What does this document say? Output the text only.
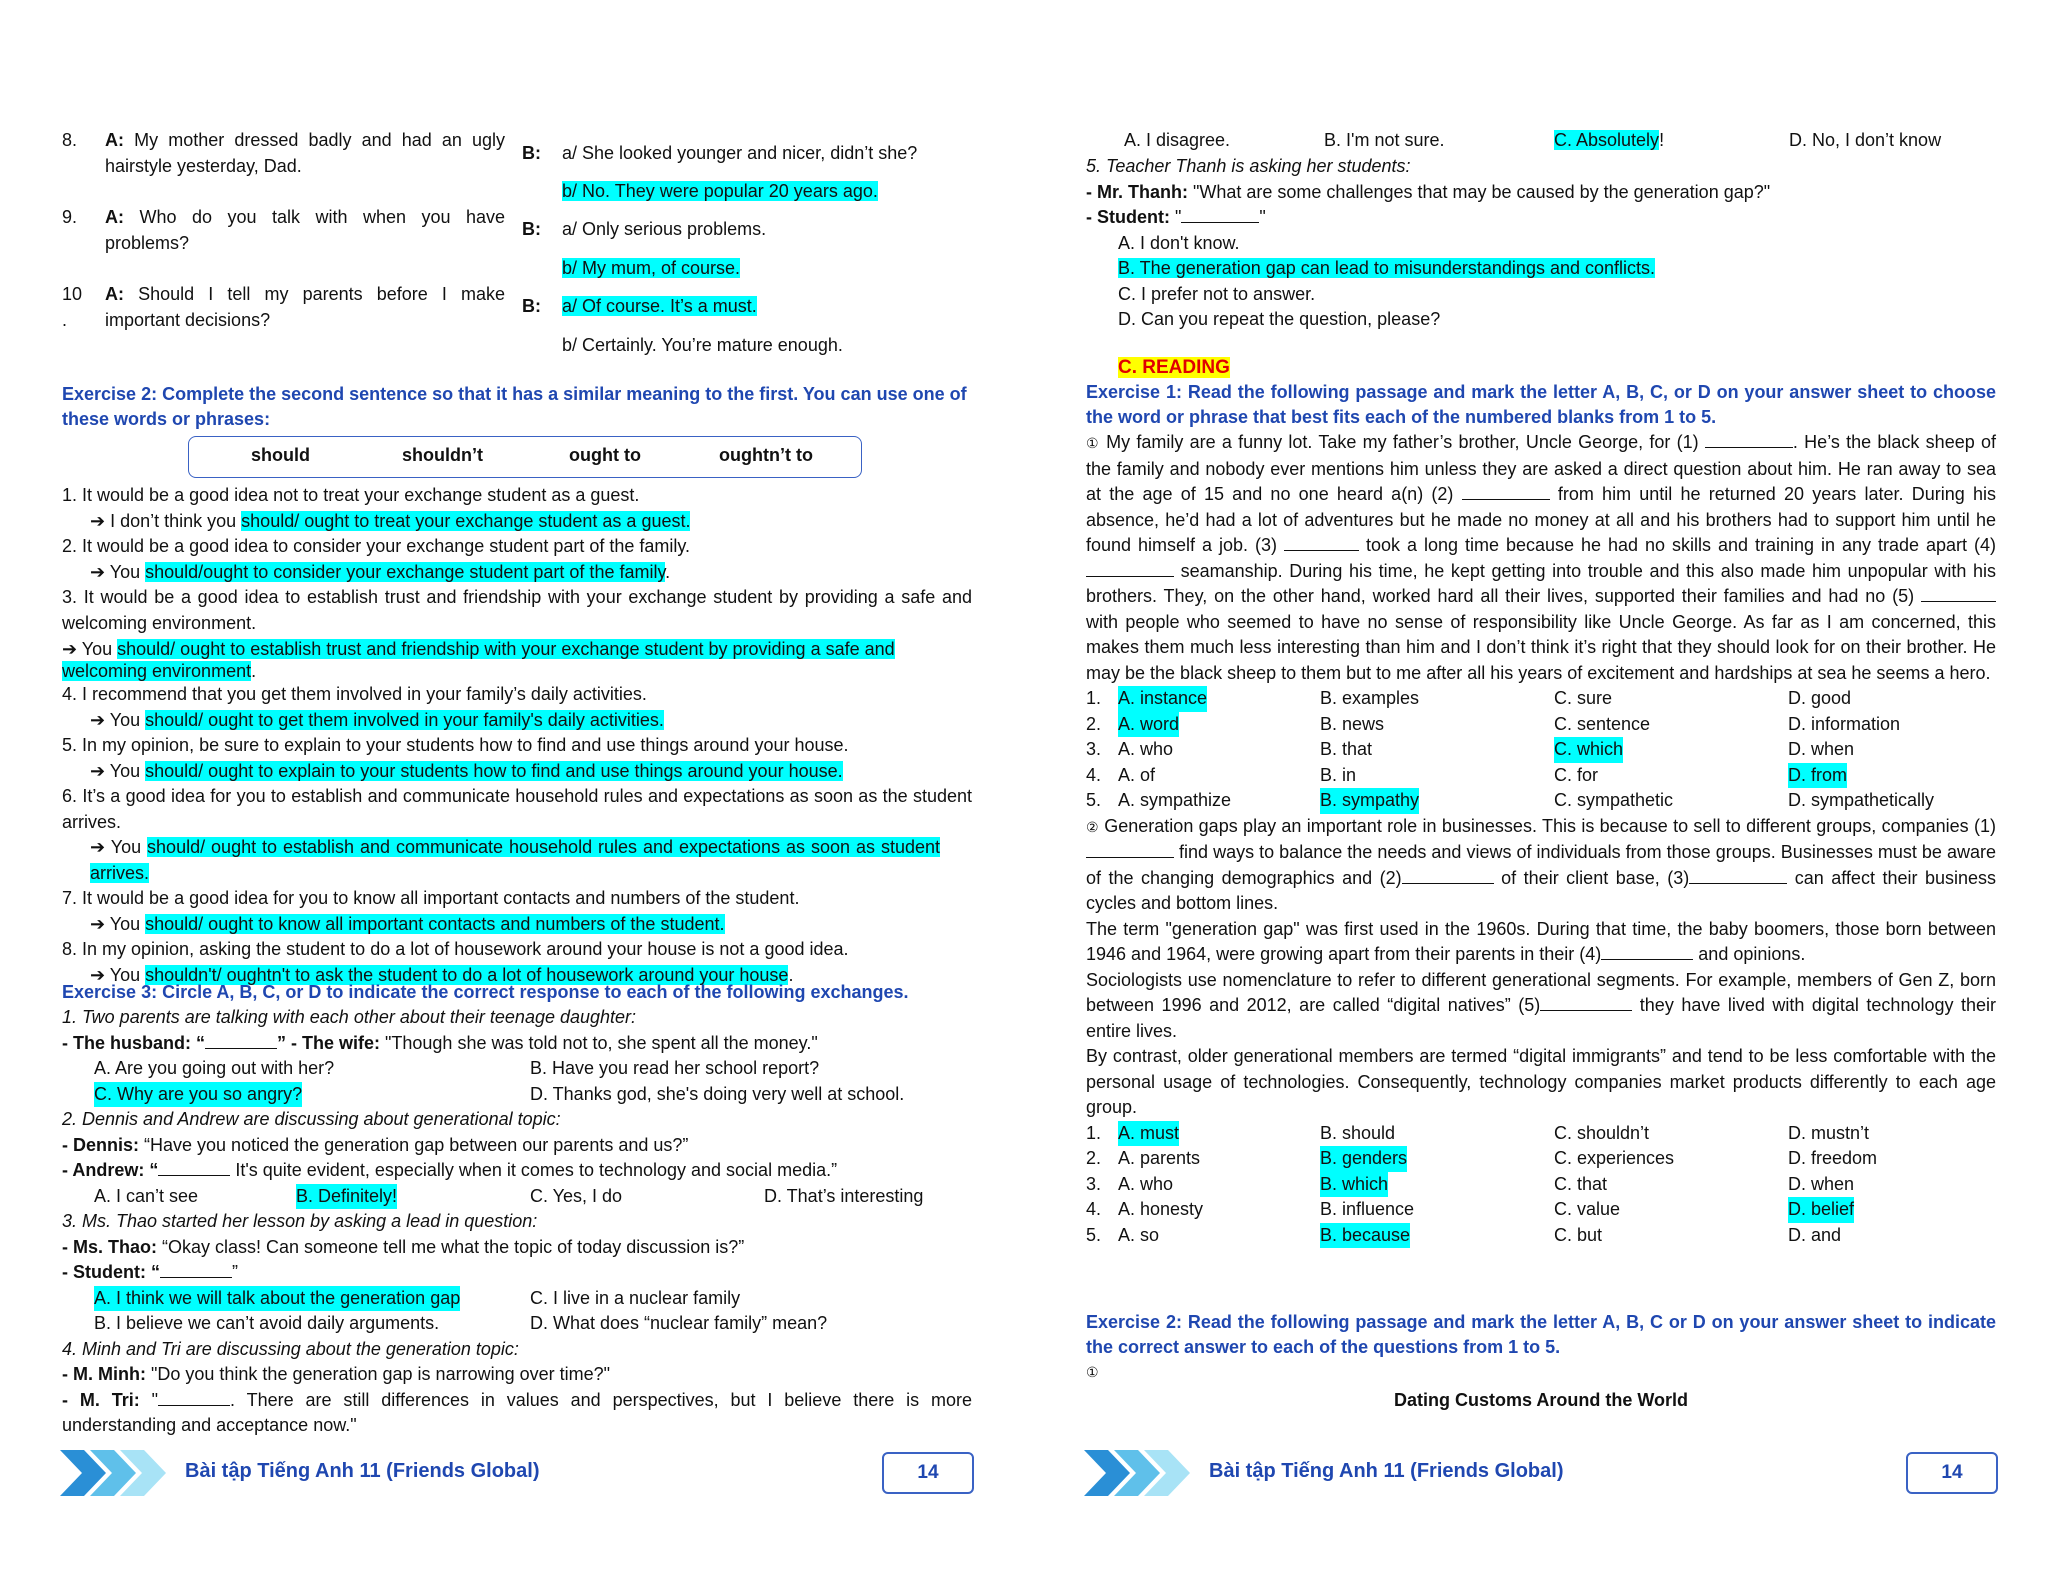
8. A: My mother dressed badly and had an ugly hairstyle yesterday, Dad.
B: a/ She looked younger and nicer, didn’t she?
b/ No. They were popular 20 years ago.
9. A: Who do you talk with when you have problems?
B: a/ Only serious problems.
b/ My mum, of course.
10 .
A: Should I tell my parents before I make important decisions?
B: a/ Of course. It’s a must.
b/ Certainly. You’re mature enough.
Exercise 2: Complete the second sentence so that it has a similar meaning to the first. You can use one of these words or phrases:
should	shouldn’t	ought to	oughtn’t to
1. It would be a good idea not to treat your exchange student as a guest.
➔ I don’t think you should/ ought to treat your exchange student as a guest.
2. It would be a good idea to consider your exchange student part of the family.
➔ You should/ought to consider your exchange student part of the family.
3. It would be a good idea to establish trust and friendship with your exchange student by providing a safe and welcoming environment.
➔ You should/ ought to establish trust and friendship with your exchange student by providing a safe and welcoming environment.
4. I recommend that you get them involved in your family’s daily activities.
➔ You should/ ought to get them involved in your family's daily activities.
5. In my opinion, be sure to explain to your students how to find and use things around your house.
➔ You should/ ought to explain to your students how to find and use things around your house.
6. It’s a good idea for you to establish and communicate household rules and expectations as soon as the student arrives.
➔ You should/ ought to establish and communicate household rules and expectations as soon as student arrives.
7. It would be a good idea for you to know all important contacts and numbers of the student.
➔ You should/ ought to know all important contacts and numbers of the student.
8. In my opinion, asking the student to do a lot of housework around your house is not a good idea.
➔ You shouldn't/ oughtn't to ask the student to do a lot of housework around your house.
Exercise 3: Circle A, B, C, or D to indicate the correct response to each of the following exchanges.
1. Two parents are talking with each other about their teenage daughter:
- The husband: “	” - The wife: "Though she was told not to, she spent all the money."
A. Are you going out with her?	B. Have you read her school report?
C. Why are you so angry?	D. Thanks god, she's doing very well at school.
2. Dennis and Andrew are discussing about generational topic:
- Dennis: “Have you noticed the generation gap between our parents and us?”
- Andrew: “	It's quite evident, especially when it comes to technology and social media.”
A. I can’t see	B. Definitely!	C. Yes, I do	D. That’s interesting
3. Ms. Thao started her lesson by asking a lead in question:
- Ms. Thao: “Okay class! Can someone tell me what the topic of today discussion is?”
- Student: “	”
A. I think we will talk about the generation gap	C. I live in a nuclear family
B. I believe we can’t avoid daily arguments.	D. What does “nuclear family” mean?
4. Minh and Tri are discussing about the generation topic:
- M. Minh: "Do you think the generation gap is narrowing over time?"
- M. Tri: "	. There are still differences in values and perspectives, but I believe there is more understanding and acceptance now."
Bài tập Tiếng Anh 11 (Friends Global)	14
A. I disagree.	B. I'm not sure.	C. Absolutely!	D. No, I don’t know
5. Teacher Thanh is asking her students:
- Mr. Thanh: "What are some challenges that may be caused by the generation gap?"
- Student: "	"
A. I don't know.
B. The generation gap can lead to misunderstandings and conflicts.
C. I prefer not to answer.
D. Can you repeat the question, please?
C. READING
Exercise 1: Read the following passage and mark the letter A, B, C, or D on your answer sheet to choose the word or phrase that best fits each of the numbered blanks from 1 to 5.
① My family are a funny lot. Take my father’s brother, Uncle George, for (1)	. He’s the black sheep of the family and nobody ever mentions him unless they are asked a direct question about him. He ran away to sea at the age of 15 and no one heard a(n) (2)	from him until he returned 20 years later. During his absence, he’d had a lot of adventures but he made no money at all and his brothers had to support him until he found himself a job. (3)	took a long time because he had no skills and training in any trade apart (4)  seamanship. During his time, he kept getting into trouble and this also made him unpopular with his brothers. They, on the other hand, worked hard all their lives, supported their families and had no (5)  with people who seemed to have no sense of responsibility like Uncle George. As far as I am concerned, this makes them much less interesting than him and I don’t think it’s right that they should look for on their brother. He may be the black sheep to them but to me after all his years of excitement and hardships at sea he seems a hero.
1. A. instance	B. examples	C. sure	D. good
2. A. word	B. news	C. sentence	D. information
3. A. who	B. that	C. which	D. when
4. A. of	B. in	C. for	D. from
5. A. sympathize	B. sympathy	C. sympathetic	D. sympathetically
② Generation gaps play an important role in businesses. This is because to sell to different groups, companies (1)  find ways to balance the needs and views of individuals from those groups. Businesses must be aware of the changing demographics and (2)	of their client base, (3)	can affect their business cycles and bottom lines.
The term "generation gap" was first used in the 1960s. During that time, the baby boomers, those born between 1946 and 1964, were growing apart from their parents in their (4)	and opinions.
Sociologists use nomenclature to refer to different generational segments. For example, members of Gen Z, born between 1996 and 2012, are called “digital natives” (5)	they have lived with digital technology their entire lives.
By contrast, older generational members are termed “digital immigrants” and tend to be less comfortable with the personal usage of technologies. Consequently, technology companies market products differently to each age group.
1. A. must	B. should	C. shouldn’t	D. mustn’t
2. A. parents	B. genders	C. experiences	D. freedom
3. A. who	B. which	C. that	D. when
4. A. honesty	B. influence	C. value	D. belief
5. A. so	B. because	C. but	D. and
Exercise 2: Read the following passage and mark the letter A, B, C or D on your answer sheet to indicate the correct answer to each of the questions from 1 to 5.
①
Dating Customs Around the World
Bài tập Tiếng Anh 11 (Friends Global)	14
